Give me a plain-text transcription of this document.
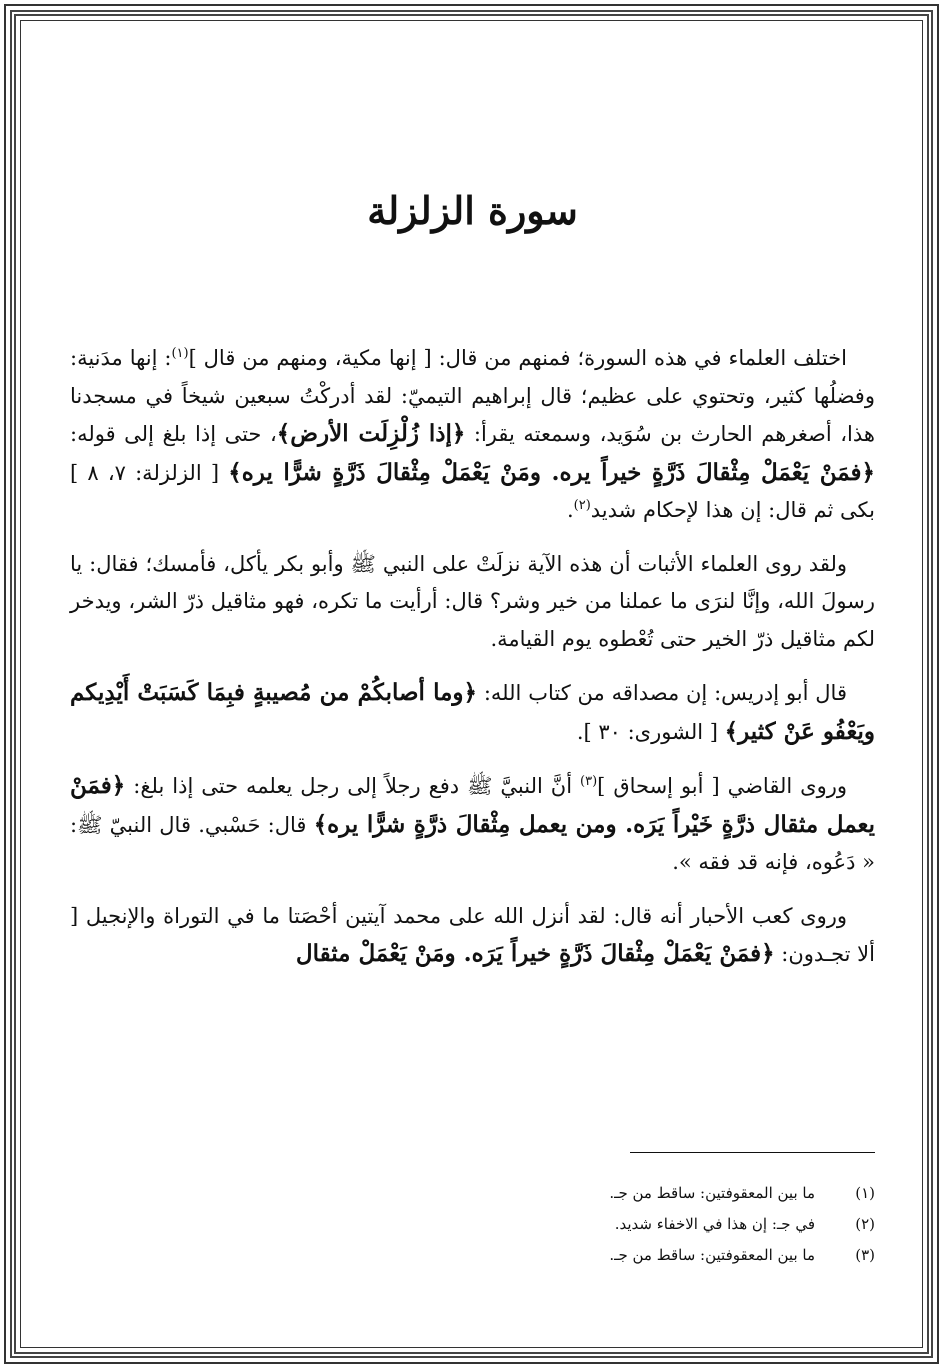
سورة الزلزلة

اختلف العلماء في هذه السورة؛ فمنهم من قال: [ إنها مكية، ومنهم من قال ]$^{(١)}$: إنها مدَنية: وفضلُها كثير، وتحتوي على عظيم؛ قال إبراهيم التيميّ: لقد أدركْتُ سبعين شيخاً في مسجدنا هذا، أصغرهم الحارث بن سُوَيد، وسمعته يقرأ: ﴿إذا زُلْزِلَت الأرض﴾، حتى إذا بلغ إلى قوله: ﴿فمَنْ يَعْمَلْ مِثْقالَ ذَرَّةٍ خيراً يره. ومَنْ يَعْمَلْ مِثْقالَ ذَرَّةٍ شرًّا يره﴾ [ الزلزلة: ٧، ٨ ] بكى ثم قال: إن هذا لإحكام شديد$^{(٢)}$.

ولقد روى العلماء الأثبات أن هذه الآية نزلَتْ على النبي ﷺ وأبو بكر يأكل، فأمسك؛ فقال: يا رسولَ الله، وإنَّا لنرَى ما عملنا من خير وشر؟ قال: أرأيت ما تكره، فهو مثاقيل ذرّ الشر، ويدخر لكم مثاقيل ذرّ الخير حتى تُعْطوه يوم القيامة.

قال أبو إدريس: إن مصداقه من كتاب الله: ﴿وما أصابكُمْ من مُصيبةٍ فبِمَا كَسَبَتْ أَيْدِيكم ويَعْفُو عَنْ كثير﴾ [ الشورى: ٣٠ ].

وروى القاضي [ أبو إسحاق ]$^{(٣)}$ أنَّ النبيَّ ﷺ دفع رجلاً إلى رجل يعلمه حتى إذا بلغ: ﴿فمَنْ يعمل مثقال ذرَّةٍ خَيْراً يَرَه. ومن يعمل مِثْقالَ ذرَّةٍ شرًّا يره﴾ قال: حَسْبي. قال النبيّ ﷺ: « دَعُوه، فإنه قد فقه ».

وروى كعب الأحبار أنه قال: لقد أنزل الله على محمد آيتين أحْصَتا ما في التوراة والإنجيل [ ألا تجـدون: ﴿فمَنْ يَعْمَلْ مِثْقالَ ذَرَّةٍ خيراً يَرَه. ومَنْ يَعْمَلْ مثقال

(١)
ما بين المعقوفتين: ساقط من جـ.
(٢)
في جـ: إن هذا في الاخفاء شديد.
(٣)
ما بين المعقوفتين: ساقط من جـ.
